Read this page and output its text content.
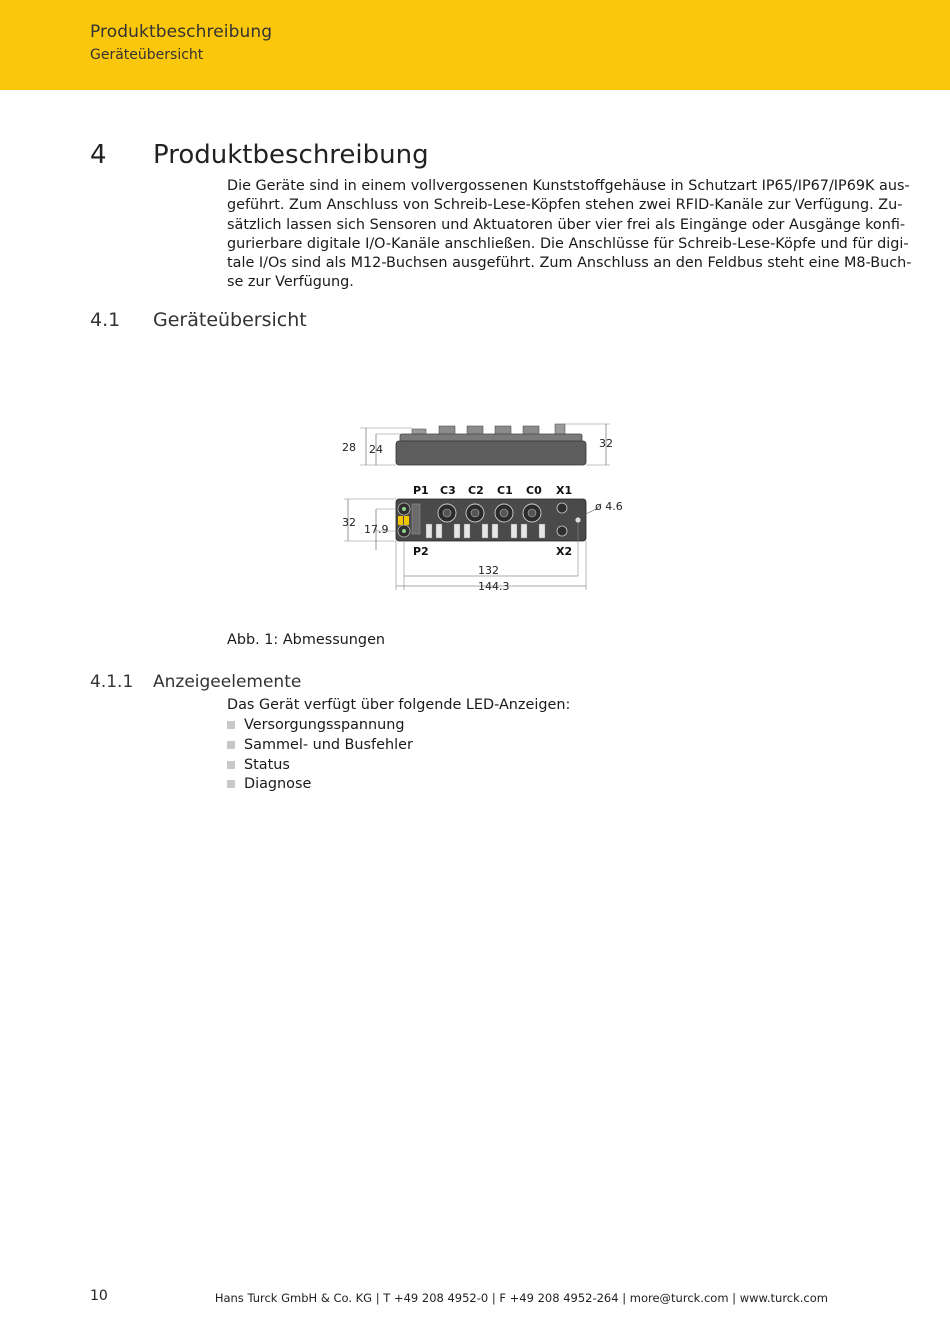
Produktbeschreibung
Geräteübersicht
4	Produktbeschreibung
Die Geräte sind in einem vollvergossenen Kunststoffgehäuse in Schutzart IP65/IP67/IP69K aus-
geführt. Zum Anschluss von Schreib-Lese-Köpfen stehen zwei RFID-Kanäle zur Verfügung. Zu-
sätzlich lassen sich Sensoren und Aktuatoren über vier frei als Eingänge oder Ausgänge konfi-
gurierbare digitale I/O-Kanäle anschließen. Die Anschlüsse für Schreib-Lese-Köpfe und für digi-
tale I/Os sind als M12-Buchsen ausgeführt. Zum Anschluss an den Feldbus steht eine M8-Buch-
se zur Verfügung.
4.1 Geräteübersicht
28 24	32
P1 C3 C2 C1 C0 X1
ø 4.6
P2	X2
32
17.9
132
144.3
Abb. 1: Abmessungen
4.1.1 Anzeigeelemente
Das Gerät verfügt über folgende LED-Anzeigen:
Versorgungsspannung
Sammel- und Busfehler
Status
Diagnose
10	Hans Turck GmbH & Co. KG | T +49 208 4952-0 | F +49 208 4952-264 | more@turck.com | www.turck.com
